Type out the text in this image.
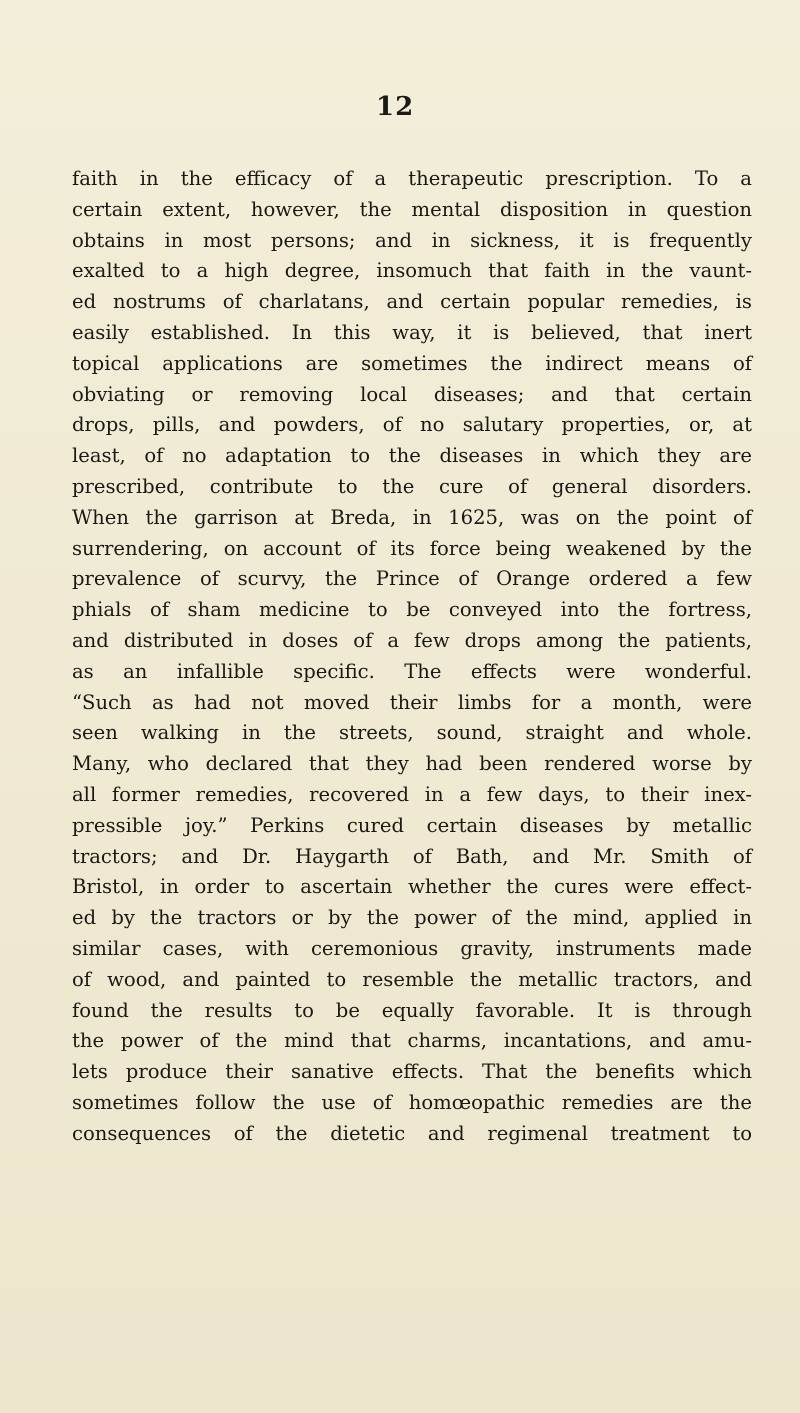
12
faith in the efficacy of a therapeutic prescription. To a
certain extent, however, the mental disposition in question
obtains in most persons; and in sickness, it is frequently
exalted to a high degree, insomuch that faith in the vaunt-
ed nostrums of charlatans, and certain popular remedies, is
easily established. In this way, it is believed, that inert
topical applications are sometimes the indirect means of
obviating or removing local diseases; and that certain
drops, pills, and powders, of no salutary properties, or, at
least, of no adaptation to the diseases in which they are
prescribed, contribute to the cure of general disorders.
When the garrison at Breda, in 1625, was on the point of
surrendering, on account of its force being weakened by the
prevalence of scurvy, the Prince of Orange ordered a few
phials of sham medicine to be conveyed into the fortress,
and distributed in doses of a few drops among the patients,
as an infallible specific. The effects were wonderful.
“Such as had not moved their limbs for a month, were
seen walking in the streets, sound, straight and whole.
Many, who declared that they had been rendered worse by
all former remedies, recovered in a few days, to their inex-
pressible joy.” Perkins cured certain diseases by metallic
tractors; and Dr. Haygarth of Bath, and Mr. Smith of
Bristol, in order to ascertain whether the cures were effect-
ed by the tractors or by the power of the mind, applied in
similar cases, with ceremonious gravity, instruments made
of wood, and painted to resemble the metallic tractors, and
found the results to be equally favorable. It is through
the power of the mind that charms, incantations, and amu-
lets produce their sanative effects. That the benefits which
sometimes follow the use of homœopathic remedies are the
consequences of the dietetic and regimenal treatment to
